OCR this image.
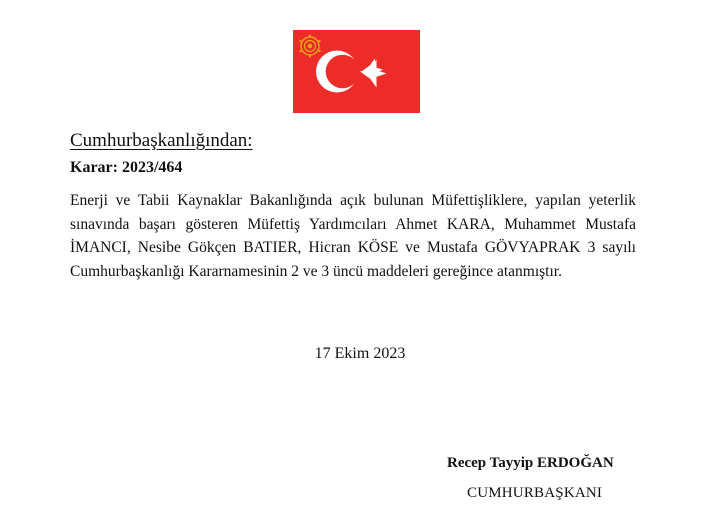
Cumhurbaşkanlığından:
Karar: 2023/464

Enerji ve Tabii Kaynaklar Bakanlığında açık bulunan Müfettişliklere, yapılan yeterlik sınavında başarı gösteren Müfettiş Yardımcıları Ahmet KARA, Muhammet Mustafa İMANCI, Nesibe Gökçen BATIER, Hicran KÖSE ve Mustafa GÖVYAPRAK 3 sayılı Cumhurbaşkanlığı Kararnamesinin 2 ve 3 üncü maddeleri gereğince atanmıştır.

17 Ekim 2023
Recep Tayyip ERDOĞAN
CUMHURBAŞKANI
